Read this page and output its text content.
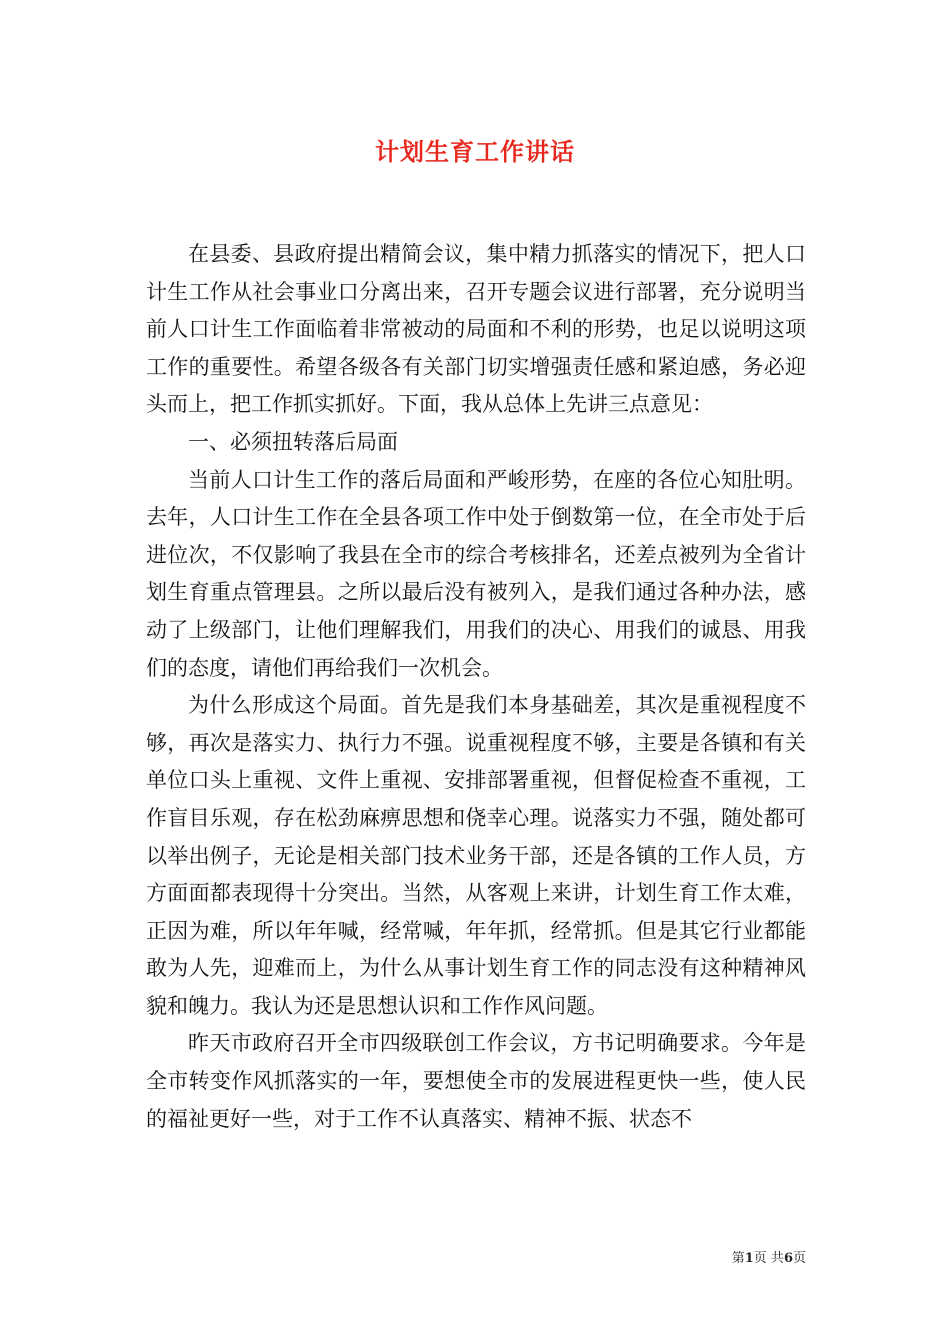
计划生育工作讲话

在县委、县政府提出精简会议，集中精力抓落实的情况下，把人口计生工作从社会事业口分离出来，召开专题会议进行部署，充分说明当前人口计生工作面临着非常被动的局面和不利的形势，也足以说明这项工作的重要性。希望各级各有关部门切实增强责任感和紧迫感，务必迎头而上，把工作抓实抓好。下面，我从总体上先讲三点意见：

一、必须扭转落后局面

当前人口计生工作的落后局面和严峻形势，在座的各位心知肚明。去年，人口计生工作在全县各项工作中处于倒数第一位，在全市处于后进位次，不仅影响了我县在全市的综合考核排名，还差点被列为全省计划生育重点管理县。之所以最后没有被列入，是我们通过各种办法，感动了上级部门，让他们理解我们，用我们的决心、用我们的诚恳、用我们的态度，请他们再给我们一次机会。

为什么形成这个局面。首先是我们本身基础差，其次是重视程度不够，再次是落实力、执行力不强。说重视程度不够，主要是各镇和有关单位口头上重视、文件上重视、安排部署重视，但督促检查不重视，工作盲目乐观，存在松劲麻痹思想和侥幸心理。说落实力不强，随处都可以举出例子，无论是相关部门技术业务干部，还是各镇的工作人员，方方面面都表现得十分突出。当然，从客观上来讲，计划生育工作太难，正因为难，所以年年喊，经常喊，年年抓，经常抓。但是其它行业都能敢为人先，迎难而上，为什么从事计划生育工作的同志没有这种精神风貌和魄力。我认为还是思想认识和工作作风问题。

昨天市政府召开全市四级联创工作会议，方书记明确要求。今年是全市转变作风抓落实的一年，要想使全市的发展进程更快一些，使人民的福祉更好一些，对于工作不认真落实、精神不振、状态不

第1页 共6页
